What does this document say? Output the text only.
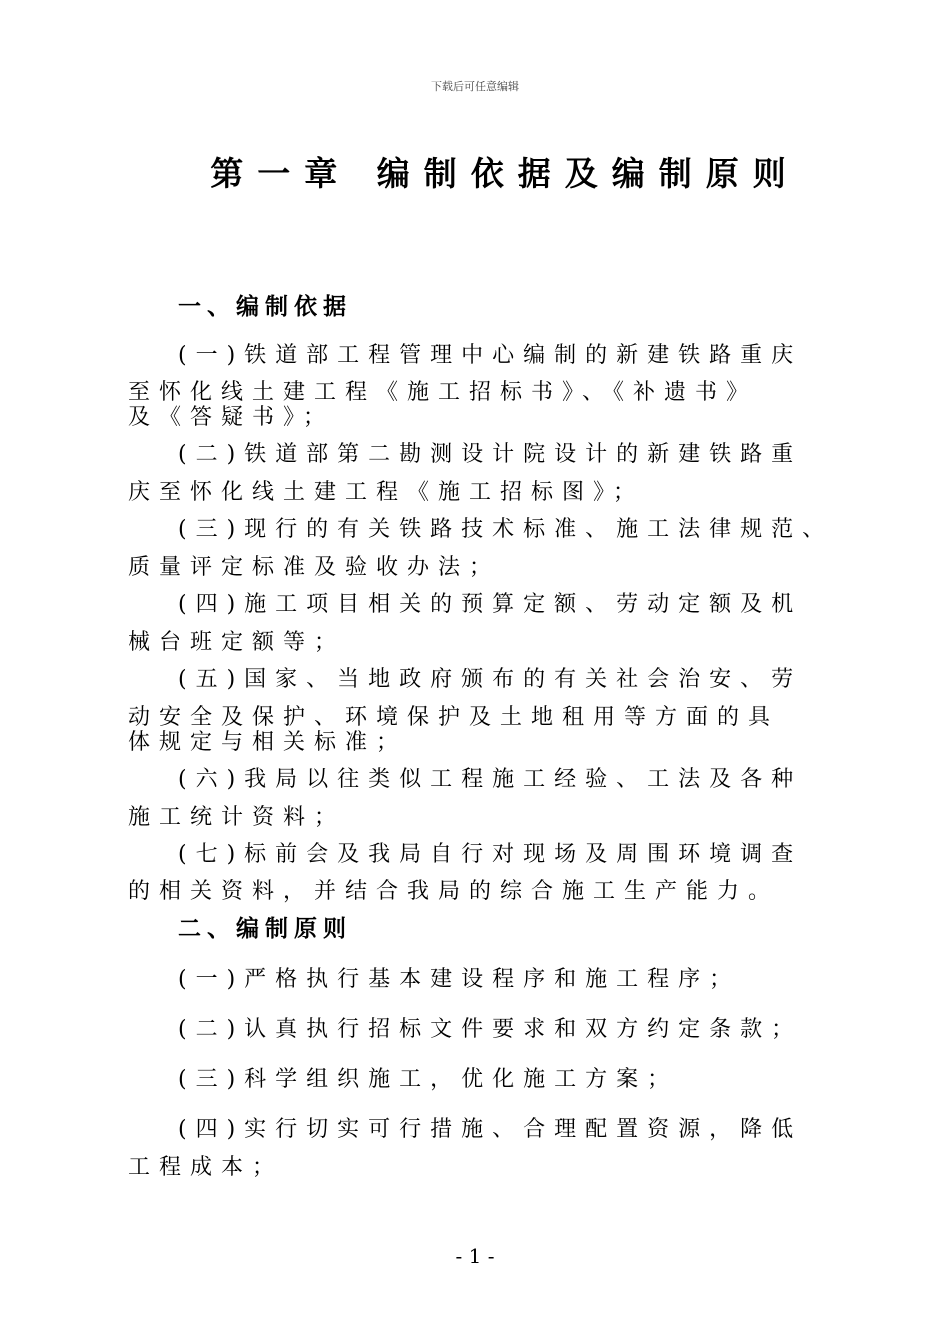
下载后可任意编辑
第一章 编制依据及编制原则
一、编制依据
(一)铁道部工程管理中心编制的新建铁路重庆
至怀化线土建工程《施工招标书》、《补遗书》
及《答疑书》；
(二)铁道部第二勘测设计院设计的新建铁路重
庆至怀化线土建工程《施工招标图》；
(三)现行的有关铁路技术标准、施工法律规范、
质量评定标准及验收办法；
(四)施工项目相关的预算定额、劳动定额及机
械台班定额等；
(五)国家、当地政府颁布的有关社会治安、劳
动安全及保护、环境保护及土地租用等方面的具
体规定与相关标准；
(六)我局以往类似工程施工经验、工法及各种
施工统计资料；
(七)标前会及我局自行对现场及周围环境调查
的相关资料，并结合我局的综合施工生产能力。
二、编制原则
(一)严格执行基本建设程序和施工程序；
(二)认真执行招标文件要求和双方约定条款；
(三)科学组织施工，优化施工方案；
(四)实行切实可行措施、合理配置资源，降低
工程成本；
- 1 -
